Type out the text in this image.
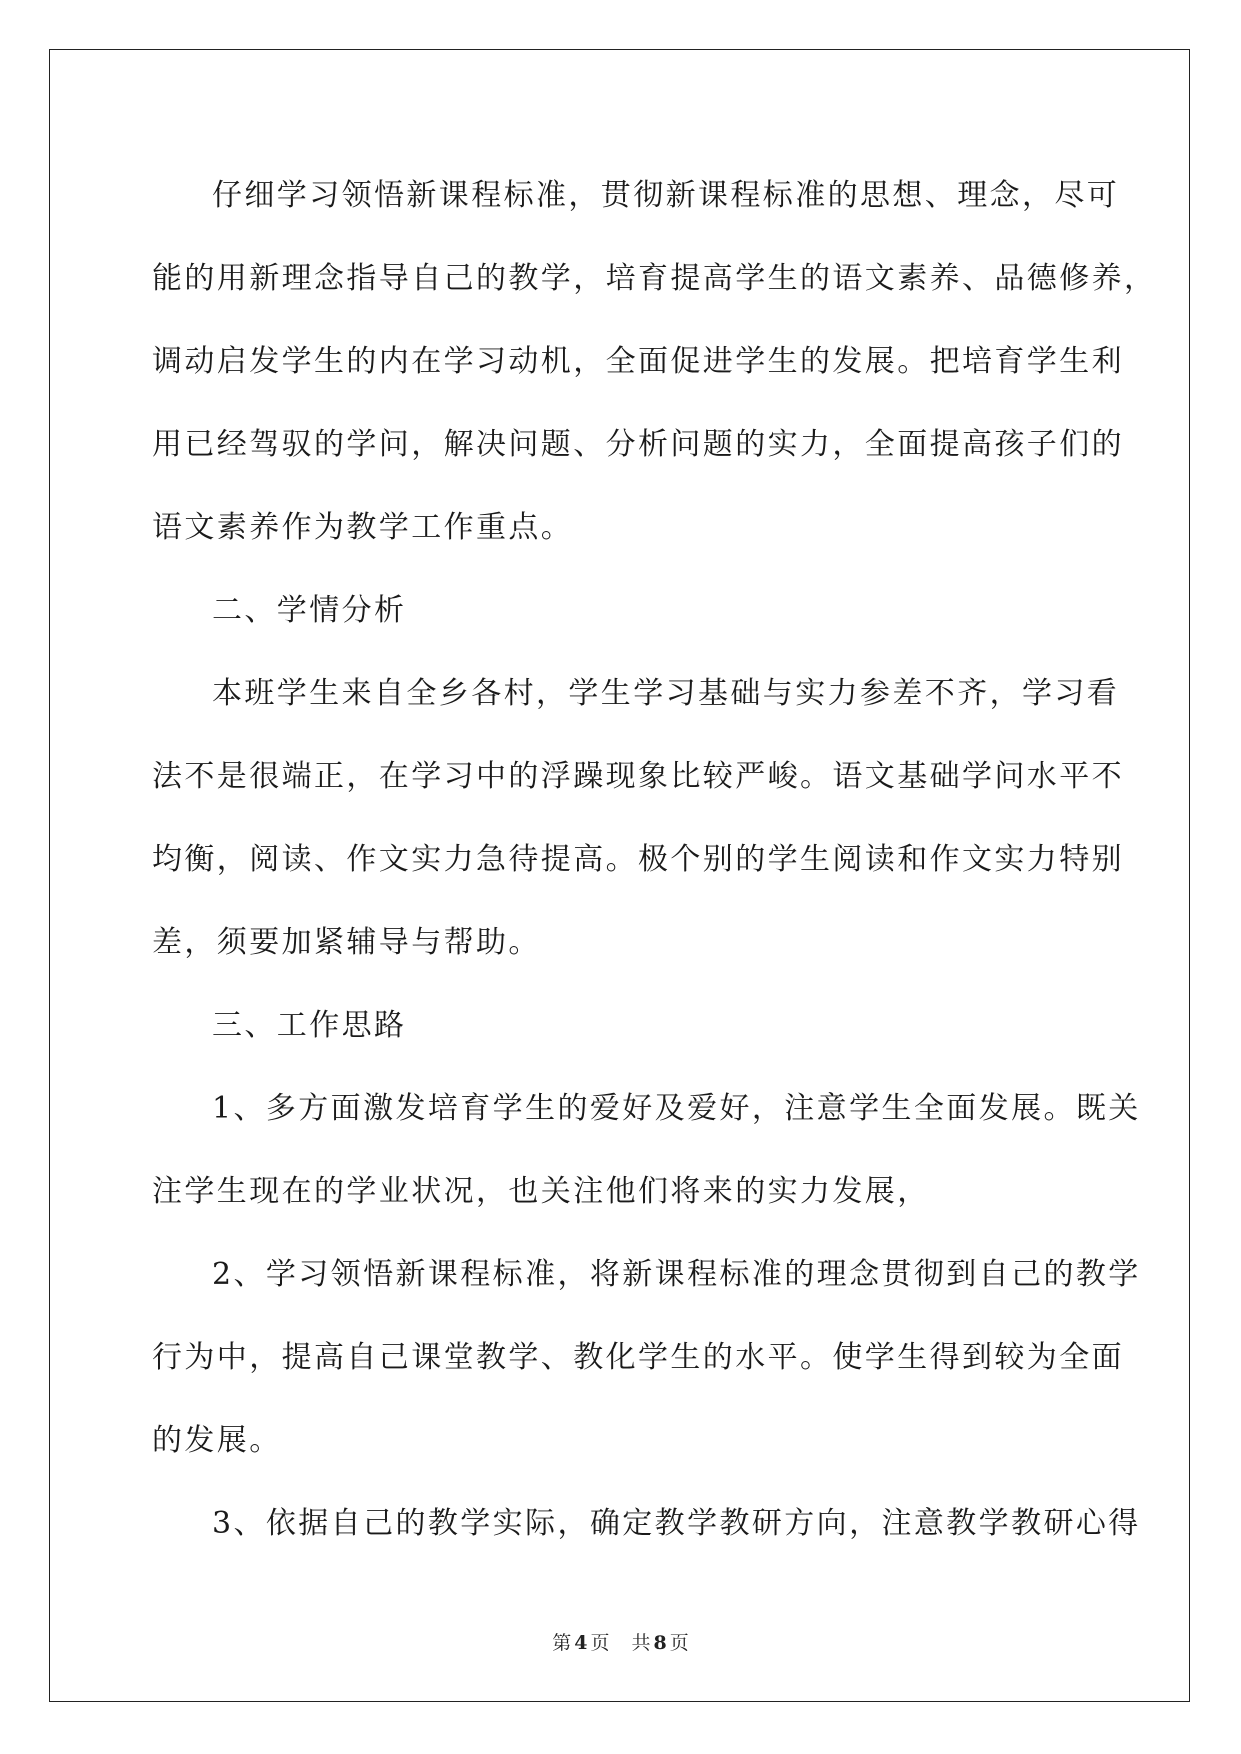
仔细学习领悟新课程标准，贯彻新课程标准的思想、理念，尽可
能的用新理念指导自己的教学，培育提高学生的语文素养、品德修养，
调动启发学生的内在学习动机，全面促进学生的发展。把培育学生利
用已经驾驭的学问，解决问题、分析问题的实力，全面提高孩子们的
语文素养作为教学工作重点。
二、学情分析
本班学生来自全乡各村，学生学习基础与实力参差不齐，学习看
法不是很端正，在学习中的浮躁现象比较严峻。语文基础学问水平不
均衡，阅读、作文实力急待提高。极个别的学生阅读和作文实力特别
差，须要加紧辅导与帮助。
三、工作思路
1、多方面激发培育学生的爱好及爱好，注意学生全面发展。既关
注学生现在的学业状况，也关注他们将来的实力发展，
2、学习领悟新课程标准，将新课程标准的理念贯彻到自己的教学
行为中，提高自己课堂教学、教化学生的水平。使学生得到较为全面
的发展。
3、依据自己的教学实际，确定教学教研方向，注意教学教研心得
第 4 页 共 8 页
